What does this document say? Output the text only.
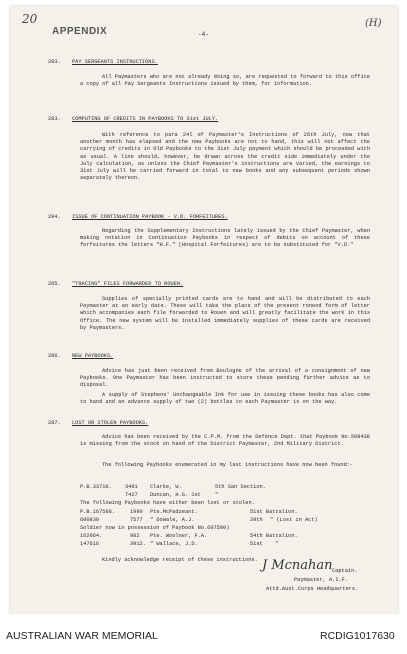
20
APPENDIX	-4-
(H)
283. PAY SERGEANTS INSTRUCTIONS.
All Paymasters who are not already doing so, are requested to forward to this office a copy of all Pay Sergeants Instructions issued by them, for information.
283. COMPUTING OF CREDITS IN PAYBOOKS TO 31st JULY.
With reference to para 24l of Paymaster's Instructions of 26th July, now that another month has elapsed and the new Paybooks are not to hand, this will not affect the carrying of credits in Old Paybooks to the 31st July payment which should be proceeded with as usual. A line should, however, be drawn across the credit side immediately under the July calculation, as unless the Chief Paymaster's instructions are varied, the earnings to 31st July will be carried forward in total to new books and any subsequent periods shown separately thereon.
284. ISSUE OF CONTINUATION PAYBOOK - V.D. FORFEITURES.
Regarding the Supplementary Instructions lately issued by the Chief Paymaster, when making notation in Continuation Paybooks in respect of debits on account of these forfeitures the letters "H.F." (Hospital Forfeitures) are to be substituted for "V.D."
285. "TRACING" FILES FORWARDED TO ROUEN.
Supplies of specially printed cards are to hand and will be distributed to each Paymaster at an early date. These will take the place of the present roneod form of letter which accompanies each file forwarded to Rouen and will greatly facilitate the work in this Office. The new system will be installed immediately supplies of these cards are received by Paymasters.
286. NEW PAYBOOKS.
Advice has just been received from Boulogne of the arrival of a consignment of new Paybooks. One Paymaster has been instructed to store these pending further advice as to disposal.
A supply of Stephens' Unchangeable Ink for use in issuing these books has also come to hand and an advance supply of two (2) bottles to each Paymaster is on the way.
287. LOST OR STOLEN PAYBOOKS.
Advice has been received by the C.P.M. from the Defence Dept. that Paybook No.508438 is missing from the stock on hand of the District Paymaster, 2nd Military District.
The following Paybooks enumerated in my last instructions have now been found:-
P.B.33710. 3491 Clarke, W.	5th San Section.
7427 Duncan, H.G. 1st	"
The following Paybooks have either been lost or stolen.
P.B.167588.	1990 Pte.McPadzeant.	51st Battalion.
600830	7577 " Dowale, A.J.	29th " (Lost in Act)
Soldier now in possession of Paybook No.607500)
162064.	982 Pte. Woolner, F.A.	54th Battalion.
147616	3912. " Wallace, J.D.	51st "
Kindly acknowledge receipt of these instructions. J Mcnahan Captain.
Paymaster, A.I.F.
Attd.Aust.Corps Headquarters.
AUSTRALIAN WAR MEMORIAL	RCDIG1017630
